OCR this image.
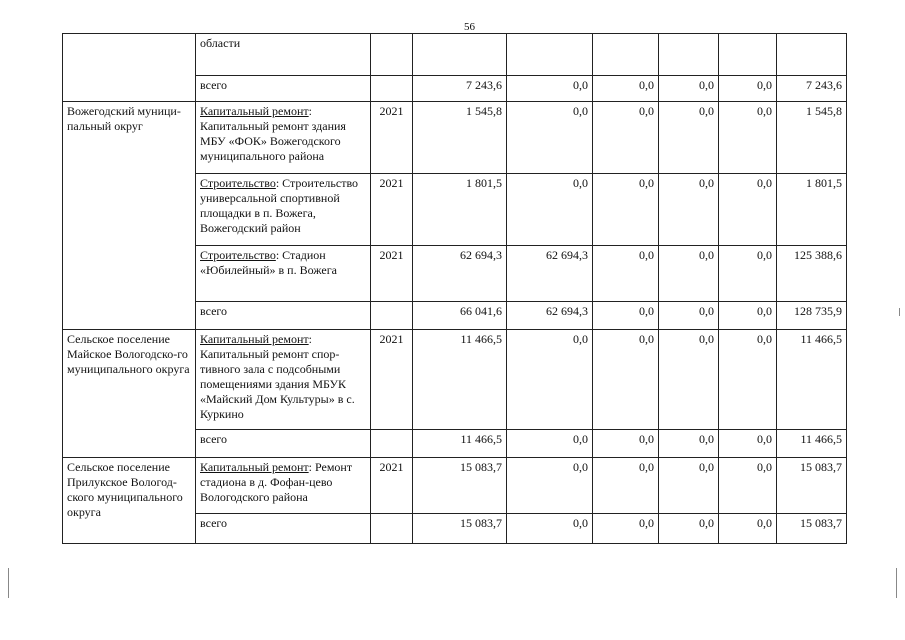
56
	области							
	всего		7 243,6	0,0	0,0	0,0	0,0	7 243,6
Вожегодский муници-пальный округ	Капитальный ремонт: Капитальный ремонт здания МБУ «ФОК» Вожегодского муниципального района	2021	1 545,8	0,0	0,0	0,0	0,0	1 545,8
	Строительство: Строительство универсальной спортивной площадки в п. Вожега, Вожегодский район	2021	1 801,5	0,0	0,0	0,0	0,0	1 801,5
	Строительство: Стадион «Юбилейный» в п. Вожега	2021	62 694,3	62 694,3	0,0	0,0	0,0	125 388,6
	всего		66 041,6	62 694,3	0,0	0,0	0,0	128 735,9
Сельское поселение Майское Вологодско-го муниципального округа	Капитальный ремонт: Капитальный ремонт спор-тивного зала с подсобными помещениями здания МБУК «Майский Дом Культуры» в с. Куркино	2021	11 466,5	0,0	0,0	0,0	0,0	11 466,5
	всего		11 466,5	0,0	0,0	0,0	0,0	11 466,5
Сельское поселение Прилукское Вологод-ского муниципального округа	Капитальный ремонт: Ремонт стадиона в д. Фофан-цево Вологодского района	2021	15 083,7	0,0	0,0	0,0	0,0	15 083,7
	всего		15 083,7	0,0	0,0	0,0	0,0	15 083,7
